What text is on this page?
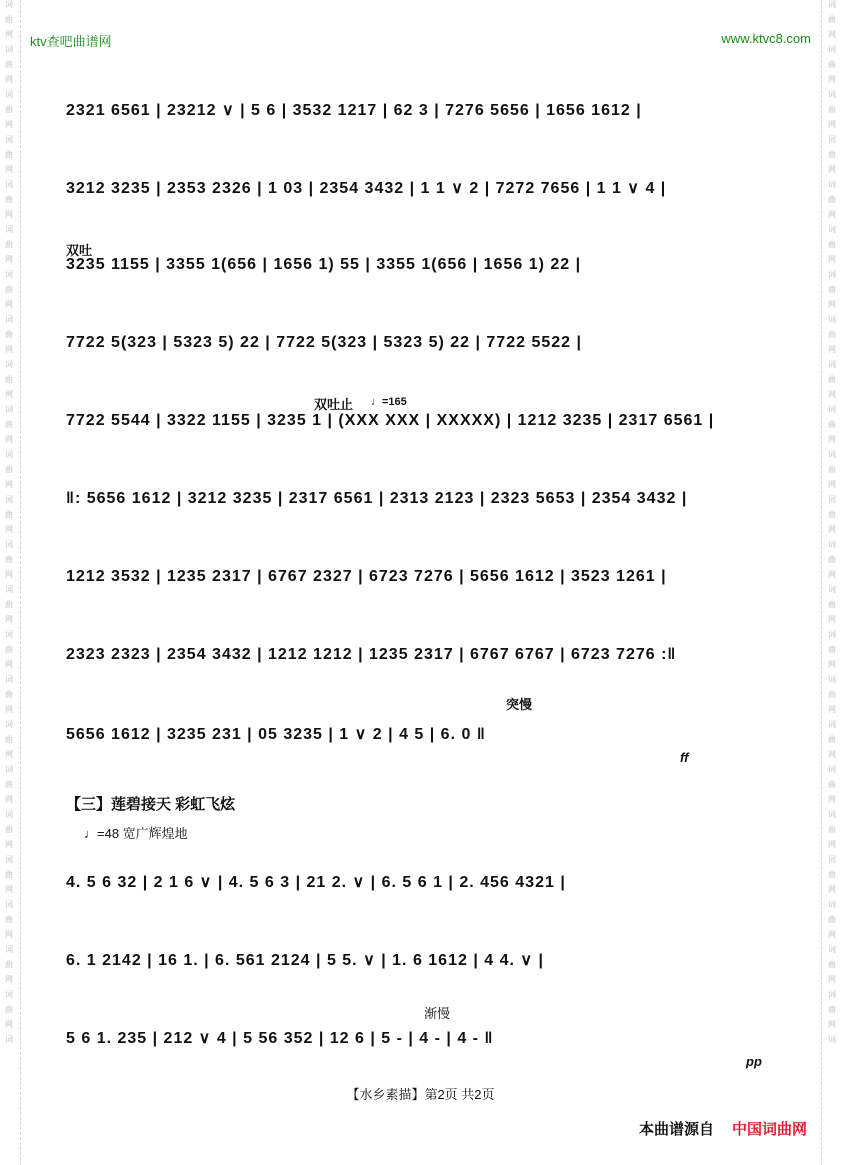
词
曲
网
词
曲
网
词
曲
网
词
曲
网
词
曲
网
词
曲
网
词
曲
网
词
曲
网
词
曲
网
词
曲
网
词
曲
网
词
曲
网
词
曲
网
词
曲
网
词
曲
网
词
曲
网
词
曲
网
词
曲
网
词
曲
网
词
曲
网
词
曲
网
词
曲
网
词
曲
网
词
词
曲
网
词
曲
网
词
曲
网
词
曲
网
词
曲
网
词
曲
网
词
曲
网
词
曲
网
词
曲
网
词
曲
网
词
曲
网
词
曲
网
词
曲
网
词
曲
网
词
曲
网
词
曲
网
词
曲
网
词
曲
网
词
曲
网
词
曲
网
词
曲
网
词
曲
网
词
曲
网
词
ktv查吧曲谱网	www.ktvc8.com
2321 6561 | 23212 ∨ | 5 6 | 3532 1217 | 62 3 | 7276 5656 | 1656 1612 |
3212 3235 | 2353 2326 | 1 03 | 2354 3432 | 1 1 ∨ 2 | 7272 7656 | 1 1 ∨ 4 |
双吐
3235 1155 | 3355 1(656 | 1656 1) 55 | 3355 1(656 | 1656 1) 22 |
7722 5(323 | 5323 5) 22 | 7722 5(323 | 5323 5) 22 | 7722 5522 |
双吐止 ♩=165
7722 5544 | 3322 1155 | 3235 1 | (XXX XXX | XXXXX) | 1212 3235 | 2317 6561 |
‖: 5656 1612 | 3212 3235 | 2317 6561 | 2313 2123 | 2323 5653 | 2354 3432 |
1212 3532 | 1235 2317 | 6767 2327 | 6723 7276 | 5656 1612 | 3523 1261 |
2323 2323 | 2354 3432 | 1212 1212 | 1235 2317 | 6767 6767 | 6723 7276 :‖
突慢
5656 1612 | 3235 231 | 05 3235 | 1 ∨ 2 | 4 5 | 6. 0 ‖
ff
【三】莲碧接天 彩虹飞炫
♩=48 宽广辉煌地
4. 5 6 32 | 2 1 6 ∨ | 4. 5 6 3 | 21 2. ∨ | 6. 5 6 1 | 2. 456 4321 |
6. 1 2142 | 16 1. | 6. 561 2124 | 5 5. ∨ | 1. 6 1612 | 4 4. ∨ |
渐慢
5 6 1. 235 | 212 ∨ 4 | 5 56 352 | 12 6 | 5 - | 4 - | 4 - ‖
pp
【水乡素描】第2页 共2页
本曲谱源自 中国词曲网
